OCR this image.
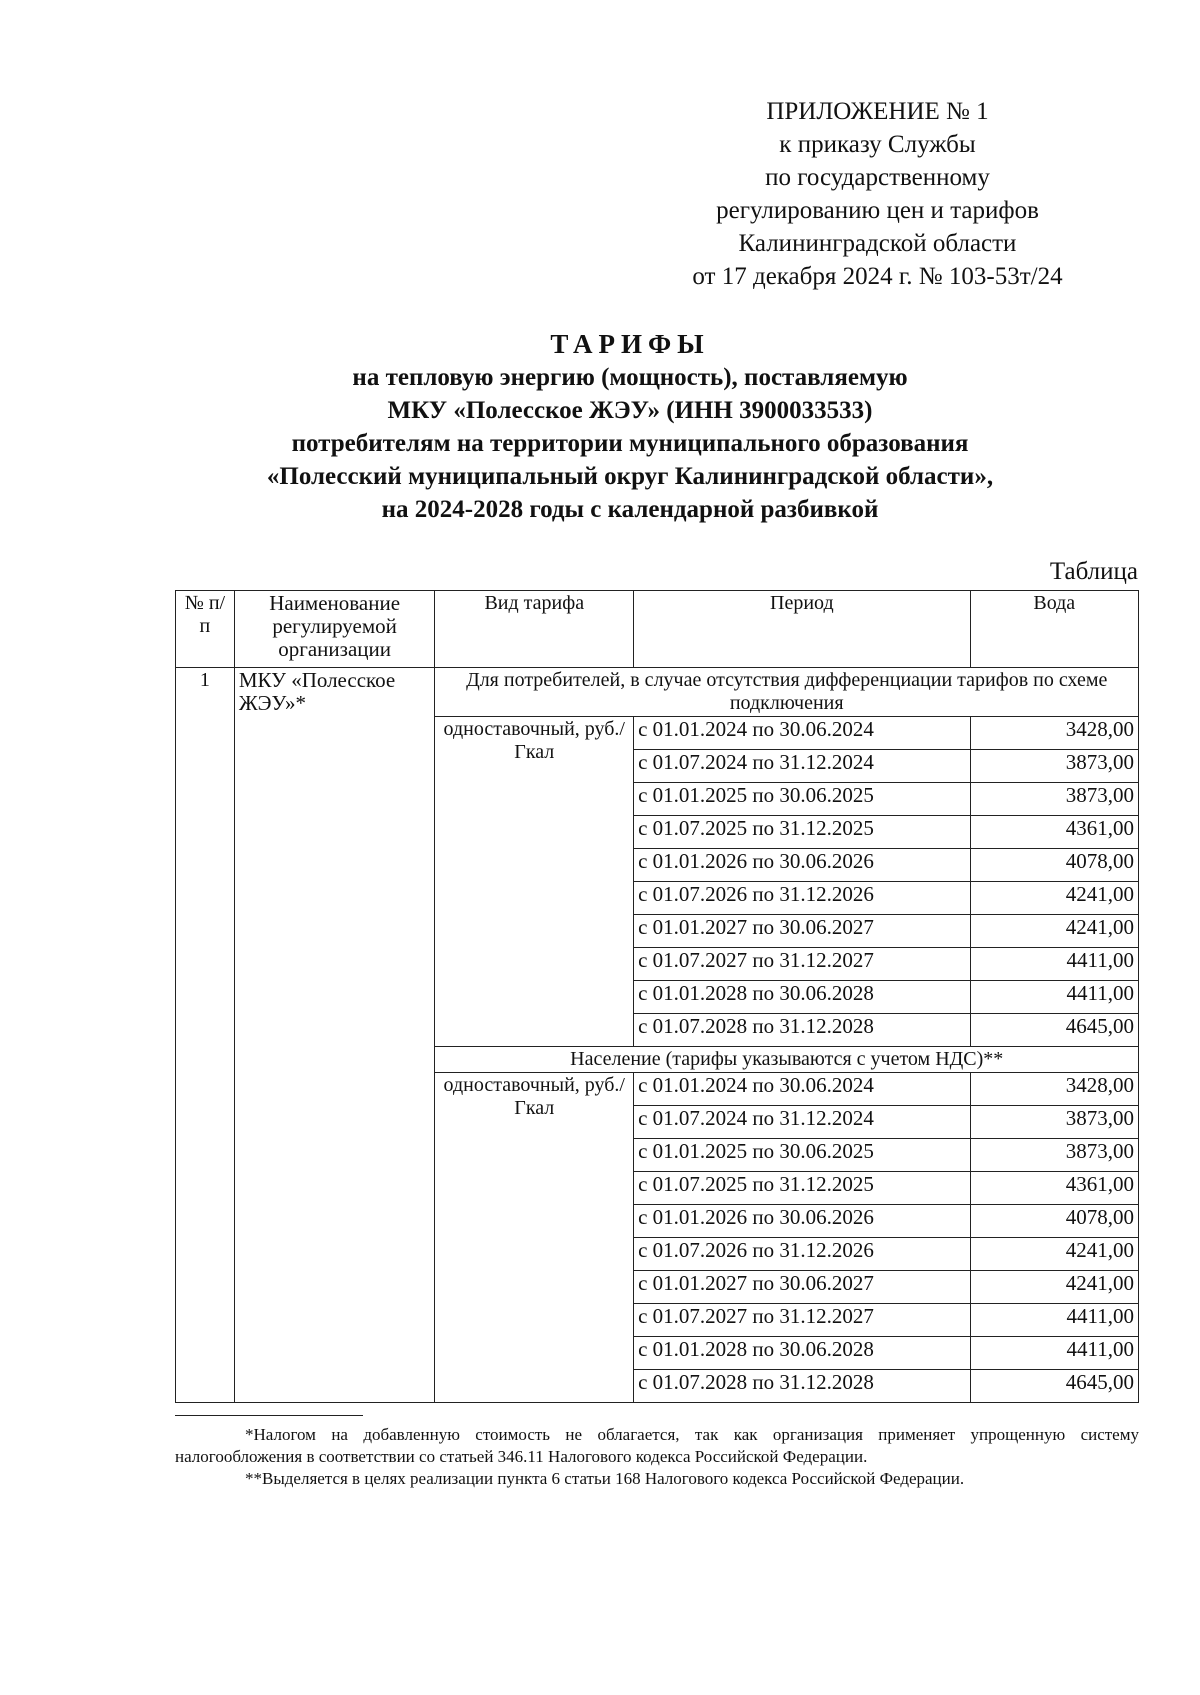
ПРИЛОЖЕНИЕ № 1
к приказу Службы
по государственному
регулированию цен и тарифов
Калининградской области
от 17 декабря 2024 г. № 103-53т/24
ТАРИФЫ
на тепловую энергию (мощность), поставляемую
МКУ «Полесское ЖЭУ» (ИНН 3900033533)
потребителям на территории муниципального образования
«Полесский муниципальный округ Калининградской области»,
на 2024-2028 годы с календарной разбивкой
Таблица
№ п/п	Наименование регулируемой организации	Вид тарифа	Период	Вода
1	МКУ «Полесское ЖЭУ»*	Для потребителей, в случае отсутствия дифференциации тарифов по схеме подключения		
		одноставочный, руб./Гкал	с 01.01.2024 по 30.06.2024	3428,00
			с 01.07.2024 по 31.12.2024	3873,00
			с 01.01.2025 по 30.06.2025	3873,00
			с 01.07.2025 по 31.12.2025	4361,00
			с 01.01.2026 по 30.06.2026	4078,00
			с 01.07.2026 по 31.12.2026	4241,00
			с 01.01.2027 по 30.06.2027	4241,00
			с 01.07.2027 по 31.12.2027	4411,00
			с 01.01.2028 по 30.06.2028	4411,00
			с 01.07.2028 по 31.12.2028	4645,00
		Население (тарифы указываются с учетом НДС)**		
		одноставочный, руб./Гкал	с 01.01.2024 по 30.06.2024	3428,00
			с 01.07.2024 по 31.12.2024	3873,00
			с 01.01.2025 по 30.06.2025	3873,00
			с 01.07.2025 по 31.12.2025	4361,00
			с 01.01.2026 по 30.06.2026	4078,00
			с 01.07.2026 по 31.12.2026	4241,00
			с 01.01.2027 по 30.06.2027	4241,00
			с 01.07.2027 по 31.12.2027	4411,00
			с 01.01.2028 по 30.06.2028	4411,00
			с 01.07.2028 по 31.12.2028	4645,00

*Налогом на добавленную стоимость не облагается, так как организация применяет упрощенную систему налогообложения в соответствии со статьей 346.11 Налогового кодекса Российской Федерации.

**Выделяется в целях реализации пункта 6 статьи 168 Налогового кодекса Российской Федерации.
